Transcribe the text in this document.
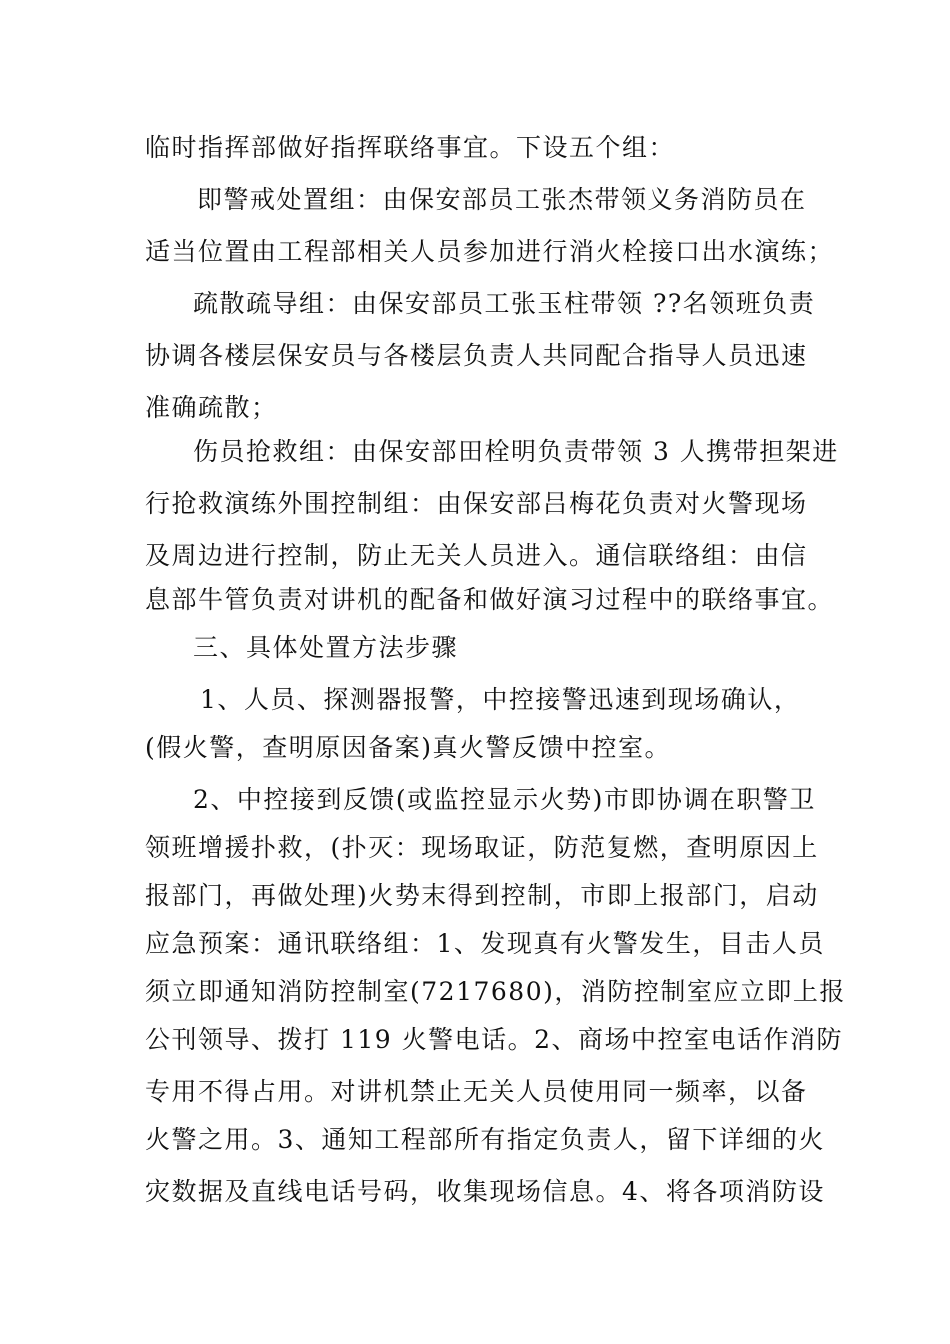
临时指挥部做好指挥联络事宜。下设五个组：
即警戒处置组：由保安部员工张杰带领义务消防员在
适当位置由工程部相关人员参加进行消火栓接口出水演练；
疏散疏导组：由保安部员工张玉柱带领 ??名领班负责
协调各楼层保安员与各楼层负责人共同配合指导人员迅速
准确疏散；
伤员抢救组：由保安部田栓明负责带领 3 人携带担架进
行抢救演练外围控制组：由保安部吕梅花负责对火警现场
及周边进行控制，防止无关人员进入。通信联络组：由信
息部牛管负责对讲机的配备和做好演习过程中的联络事宜。
三、具体处置方法步骤
1、人员、探测器报警，中控接警迅速到现场确认，
(假火警，查明原因备案)真火警反馈中控室。
2、中控接到反馈(或监控显示火势)市即协调在职警卫
领班增援扑救，(扑灭：现场取证，防范复燃，查明原因上
报部门，再做处理)火势末得到控制，市即上报部门，启动
应急预案：通讯联络组：1、发现真有火警发生，目击人员
须立即通知消防控制室(7217680)，消防控制室应立即上报
公刊领导、拨打 119 火警电话。2、商场中控室电话作消防
专用不得占用。对讲机禁止无关人员使用同一频率，以备
火警之用。3、通知工程部所有指定负责人，留下详细的火
灾数据及直线电话号码，收集现场信息。4、将各项消防设
